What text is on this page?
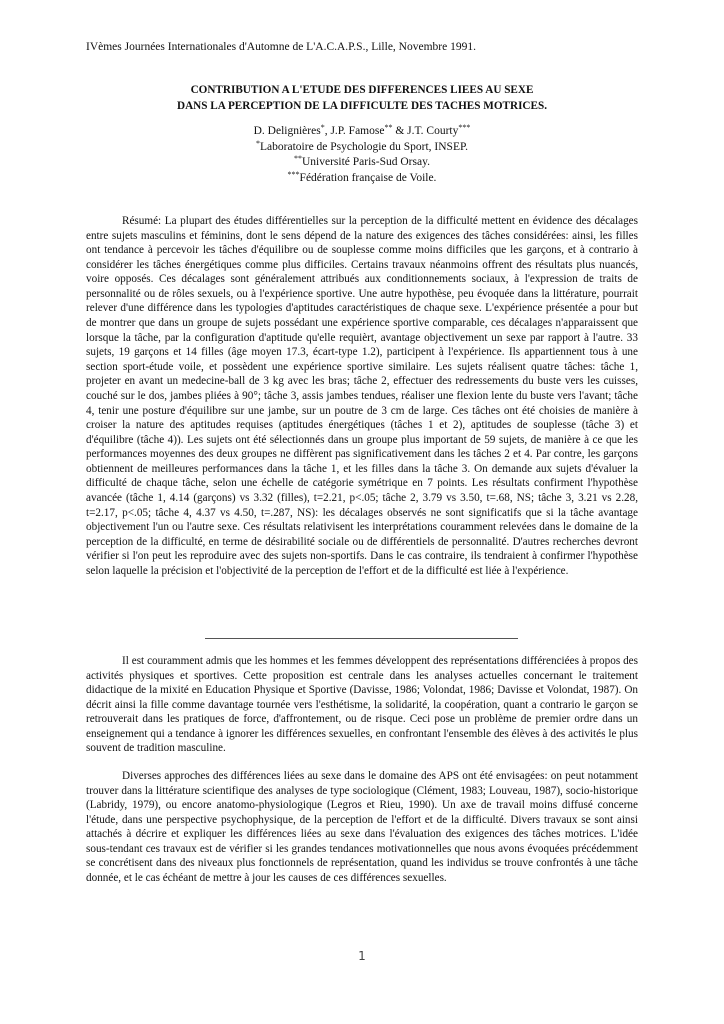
IVèmes Journées Internationales d'Automne de L'A.C.A.P.S., Lille, Novembre 1991.
CONTRIBUTION A L'ETUDE DES DIFFERENCES LIEES AU SEXE
DANS LA PERCEPTION DE LA DIFFICULTE DES TACHES MOTRICES.
D. Delignières*, J.P. Famose** & J.T. Courty***
*Laboratoire de Psychologie du Sport, INSEP.
**Université Paris-Sud Orsay.
***Fédération française de Voile.

Résumé: La plupart des études différentielles sur la perception de la difficulté mettent en évidence des décalages entre sujets masculins et féminins, dont le sens dépend de la nature des exigences des tâches considérées: ainsi, les filles ont tendance à percevoir les tâches d'équilibre ou de souplesse comme moins difficiles que les garçons, et à contrario à considérer les tâches énergétiques comme plus difficiles. Certains travaux néanmoins offrent des résultats plus nuancés, voire opposés. Ces décalages sont généralement attribués aux conditionnements sociaux, à l'expression de traits de personnalité ou de rôles sexuels, ou à l'expérience sportive. Une autre hypothèse, peu évoquée dans la littérature, pourrait relever d'une différence dans les typologies d'aptitudes caractéristiques de chaque sexe. L'expérience présentée a pour but de montrer que dans un groupe de sujets possédant une expérience sportive comparable, ces décalages n'apparaissent que lorsque la tâche, par la configuration d'aptitude qu'elle requièrt, avantage objectivement un sexe par rapport à l'autre. 33 sujets, 19 garçons et 14 filles (âge moyen 17.3, écart-type 1.2), participent à l'expérience. Ils appartiennent tous à une section sport-étude voile, et possèdent une expérience sportive similaire. Les sujets réalisent quatre tâches: tâche 1, projeter en avant un medecine-ball de 3 kg avec les bras; tâche 2, effectuer des redressements du buste vers les cuisses, couché sur le dos, jambes pliées à 90°; tâche 3, assis jambes tendues, réaliser une flexion lente du buste vers l'avant; tâche 4, tenir une posture d'équilibre sur une jambe, sur un poutre de 3 cm de large. Ces tâches ont été choisies de manière à croiser la nature des aptitudes requises (aptitudes énergétiques (tâches 1 et 2), aptitudes de souplesse (tâche 3) et d'équilibre (tâche 4)). Les sujets ont été sélectionnés dans un groupe plus important de 59 sujets, de manière à ce que les performances moyennes des deux groupes ne diffèrent pas significativement dans les tâches 2 et 4. Par contre, les garçons obtiennent de meilleures performances dans la tâche 1, et les filles dans la tâche 3. On demande aux sujets d'évaluer la difficulté de chaque tâche, selon une échelle de catégorie symétrique en 7 points. Les résultats confirment l'hypothèse avancée (tâche 1, 4.14 (garçons) vs 3.32 (filles), t=2.21, p<.05; tâche 2, 3.79 vs 3.50, t=.68, NS; tâche 3, 3.21 vs 2.28, t=2.17, p<.05; tâche 4, 4.37 vs 4.50, t=.287, NS): les décalages observés ne sont significatifs que si la tâche avantage objectivement l'un ou l'autre sexe. Ces résultats relativisent les interprétations couramment relevées dans le domaine de la perception de la difficulté, en terme de désirabilité sociale ou de différentiels de personnalité. D'autres recherches devront vérifier si l'on peut les reproduire avec des sujets non-sportifs. Dans le cas contraire, ils tendraient à confirmer l'hypothèse selon laquelle la précision et l'objectivité de la perception de l'effort et de la difficulté est liée à l'expérience.

Il est couramment admis que les hommes et les femmes développent des représentations différenciées à propos des activités physiques et sportives. Cette proposition est centrale dans les analyses actuelles concernant le traitement didactique de la mixité en Education Physique et Sportive (Davisse, 1986; Volondat, 1986; Davisse et Volondat, 1987). On décrit ainsi la fille comme davantage tournée vers l'esthétisme, la solidarité, la coopération, quant a contrario le garçon se retrouverait dans les pratiques de force, d'affrontement, ou de risque. Ceci pose un problème de premier ordre dans un enseignement qui a tendance à ignorer les différences sexuelles, en confrontant l'ensemble des élèves à des activités le plus souvent de tradition masculine.

Diverses approches des différences liées au sexe dans le domaine des APS ont été envisagées: on peut notamment trouver dans la littérature scientifique des analyses de type sociologique (Clément, 1983; Louveau, 1987), socio-historique (Labridy, 1979), ou encore anatomo-physiologique (Legros et Rieu, 1990). Un axe de travail moins diffusé concerne l'étude, dans une perspective psychophysique, de la perception de l'effort et de la difficulté. Divers travaux se sont ainsi attachés à décrire et expliquer les différences liées au sexe dans l'évaluation des exigences des tâches motrices. L'idée sous-tendant ces travaux est de vérifier si les grandes tendances motivationnelles que nous avons évoquées précédemment se concrétisent dans des niveaux plus fonctionnels de représentation, quand les individus se trouve confrontés à une tâche donnée, et le cas échéant de mettre à jour les causes de ces différences sexuelles.

1
